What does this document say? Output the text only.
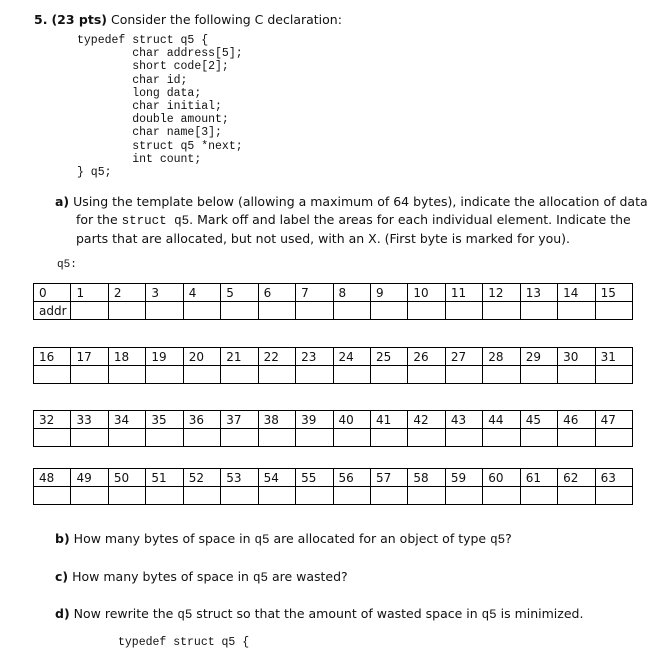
5. (23 pts) Consider the following C declaration:
typedef struct q5 {
char address[5];
short code[2];
char id;
long data;
char initial;
double amount;
char name[3];
struct q5 *next;
int count;
} q5;
a) Using the template below (allowing a maximum of 64 bytes), indicate the allocation of data
for the struct q5. Mark off and label the areas for each individual element. Indicate the
parts that are allocated, but not used, with an X. (First byte is marked for you).
q5:
0	1	2	3	4	5	6	7	8	9	10	11	12	13	14	15
addr															
16	17	18	19	20	21	22	23	24	25	26	27	28	29	30	31

32	33	34	35	36	37	38	39	40	41	42	43	44	45	46	47

48	49	50	51	52	53	54	55	56	57	58	59	60	61	62	63

b) How many bytes of space in q5 are allocated for an object of type q5?
c) How many bytes of space in q5 are wasted?
d) Now rewrite the q5 struct so that the amount of wasted space in q5 is minimized.
typedef struct q5 {
